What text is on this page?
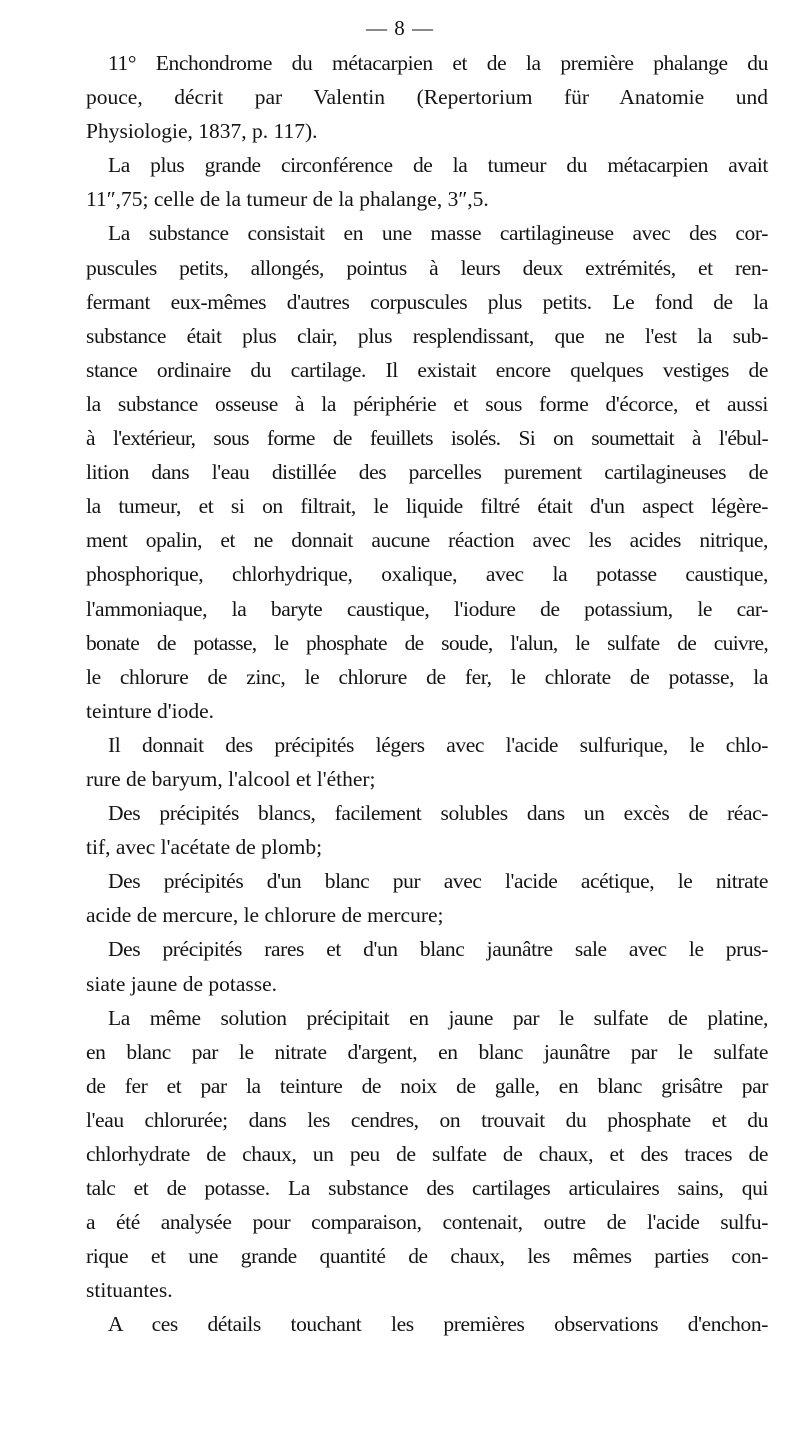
— 8 —
11° Enchondrome du métacarpien et de la première phalange du
pouce, décrit par Valentin (Repertorium für Anatomie und
Physiologie, 1837, p. 117).
La plus grande circonférence de la tumeur du métacarpien avait
11″,75; celle de la tumeur de la phalange, 3″,5.
La substance consistait en une masse cartilagineuse avec des cor-
puscules petits, allongés, pointus à leurs deux extrémités, et ren-
fermant eux-mêmes d'autres corpuscules plus petits. Le fond de la
substance était plus clair, plus resplendissant, que ne l'est la sub-
stance ordinaire du cartilage. Il existait encore quelques vestiges de
la substance osseuse à la périphérie et sous forme d'écorce, et aussi
à l'extérieur, sous forme de feuillets isolés. Si on soumettait à l'ébul-
lition dans l'eau distillée des parcelles purement cartilagineuses de
la tumeur, et si on filtrait, le liquide filtré était d'un aspect légère-
ment opalin, et ne donnait aucune réaction avec les acides nitrique,
phosphorique, chlorhydrique, oxalique, avec la potasse caustique,
l'ammoniaque, la baryte caustique, l'iodure de potassium, le car-
bonate de potasse, le phosphate de soude, l'alun, le sulfate de cuivre,
le chlorure de zinc, le chlorure de fer, le chlorate de potasse, la
teinture d'iode.
Il donnait des précipités légers avec l'acide sulfurique, le chlo-
rure de baryum, l'alcool et l'éther;
Des précipités blancs, facilement solubles dans un excès de réac-
tif, avec l'acétate de plomb;
Des précipités d'un blanc pur avec l'acide acétique, le nitrate
acide de mercure, le chlorure de mercure;
Des précipités rares et d'un blanc jaunâtre sale avec le prus-
siate jaune de potasse.
La même solution précipitait en jaune par le sulfate de platine,
en blanc par le nitrate d'argent, en blanc jaunâtre par le sulfate
de fer et par la teinture de noix de galle, en blanc grisâtre par
l'eau chlorurée; dans les cendres, on trouvait du phosphate et du
chlorhydrate de chaux, un peu de sulfate de chaux, et des traces de
talc et de potasse. La substance des cartilages articulaires sains, qui
a été analysée pour comparaison, contenait, outre de l'acide sulfu-
rique et une grande quantité de chaux, les mêmes parties con-
stituantes.
A ces détails touchant les premières observations d'enchon-
